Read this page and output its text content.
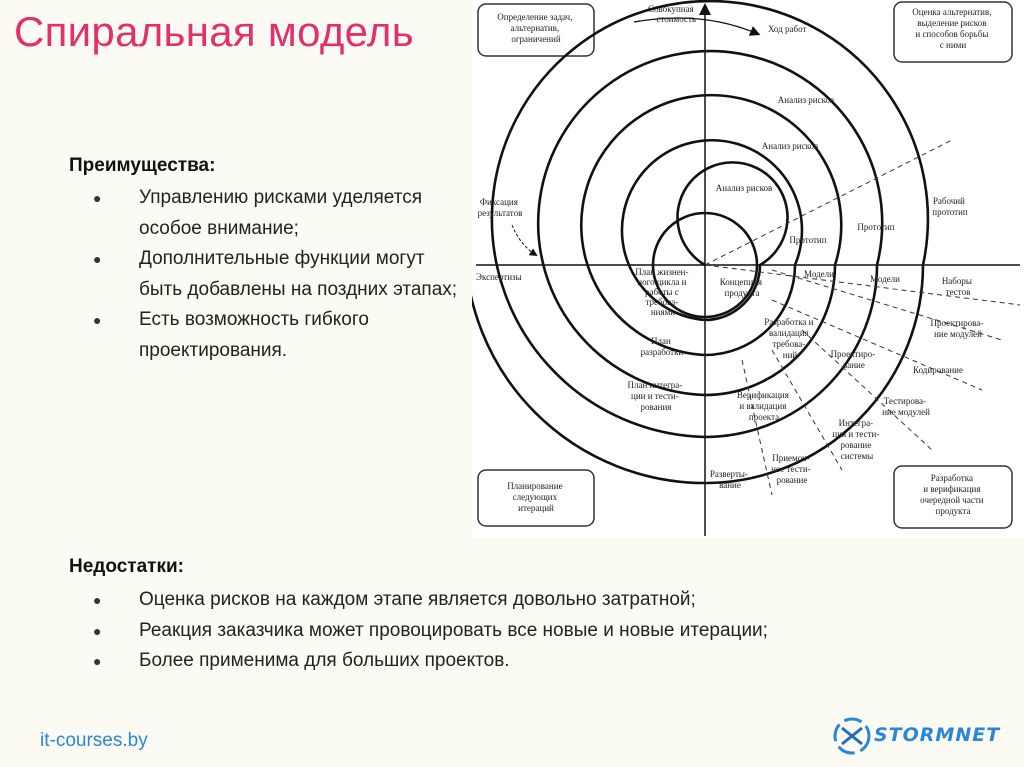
Спиральная модель
Преимущества:
● Управлению рисками уделяется особое внимание;
● Дополнительные функции могут быть добавлены на поздних этапах;
● Есть возможность гибкого проектирования.
Недостатки:
● Оценка рисков на каждом этапе является довольно затратной;
● Реакция заказчика может провоцировать все новые и новые итерации;
● Более применима для больших проектов.
Определение задач, альтернатив, ограничений
Оценка альтернатив, выделение рисков и способов борьбы с ними
Планирование следующих итераций
Разработка и верификация очередной части продукта
Совокупная стоимость
Ход работ
Фиксация результатов
Экспертизы
Анализ рисков
Анализ рисков
Анализ рисков
Прототип
Прототип
Рабочий прототип
Модели	Модели	Наборы тестов
План жизнен- ного цикла и работы с требова- ниями
Концепция продукта
План разработки
Разработка и валидация требова- ний
План интегра- ции и тести- рования
Верификация и валидация проекта
Проектиро- вание
Проектирова- ние модулей
Кодирование
Тестирова- ние модулей
Интегра- ция и тести- рование системы
Приемоч- ное тести- рование
Разверты- вание
it-courses.by	STORMNET
